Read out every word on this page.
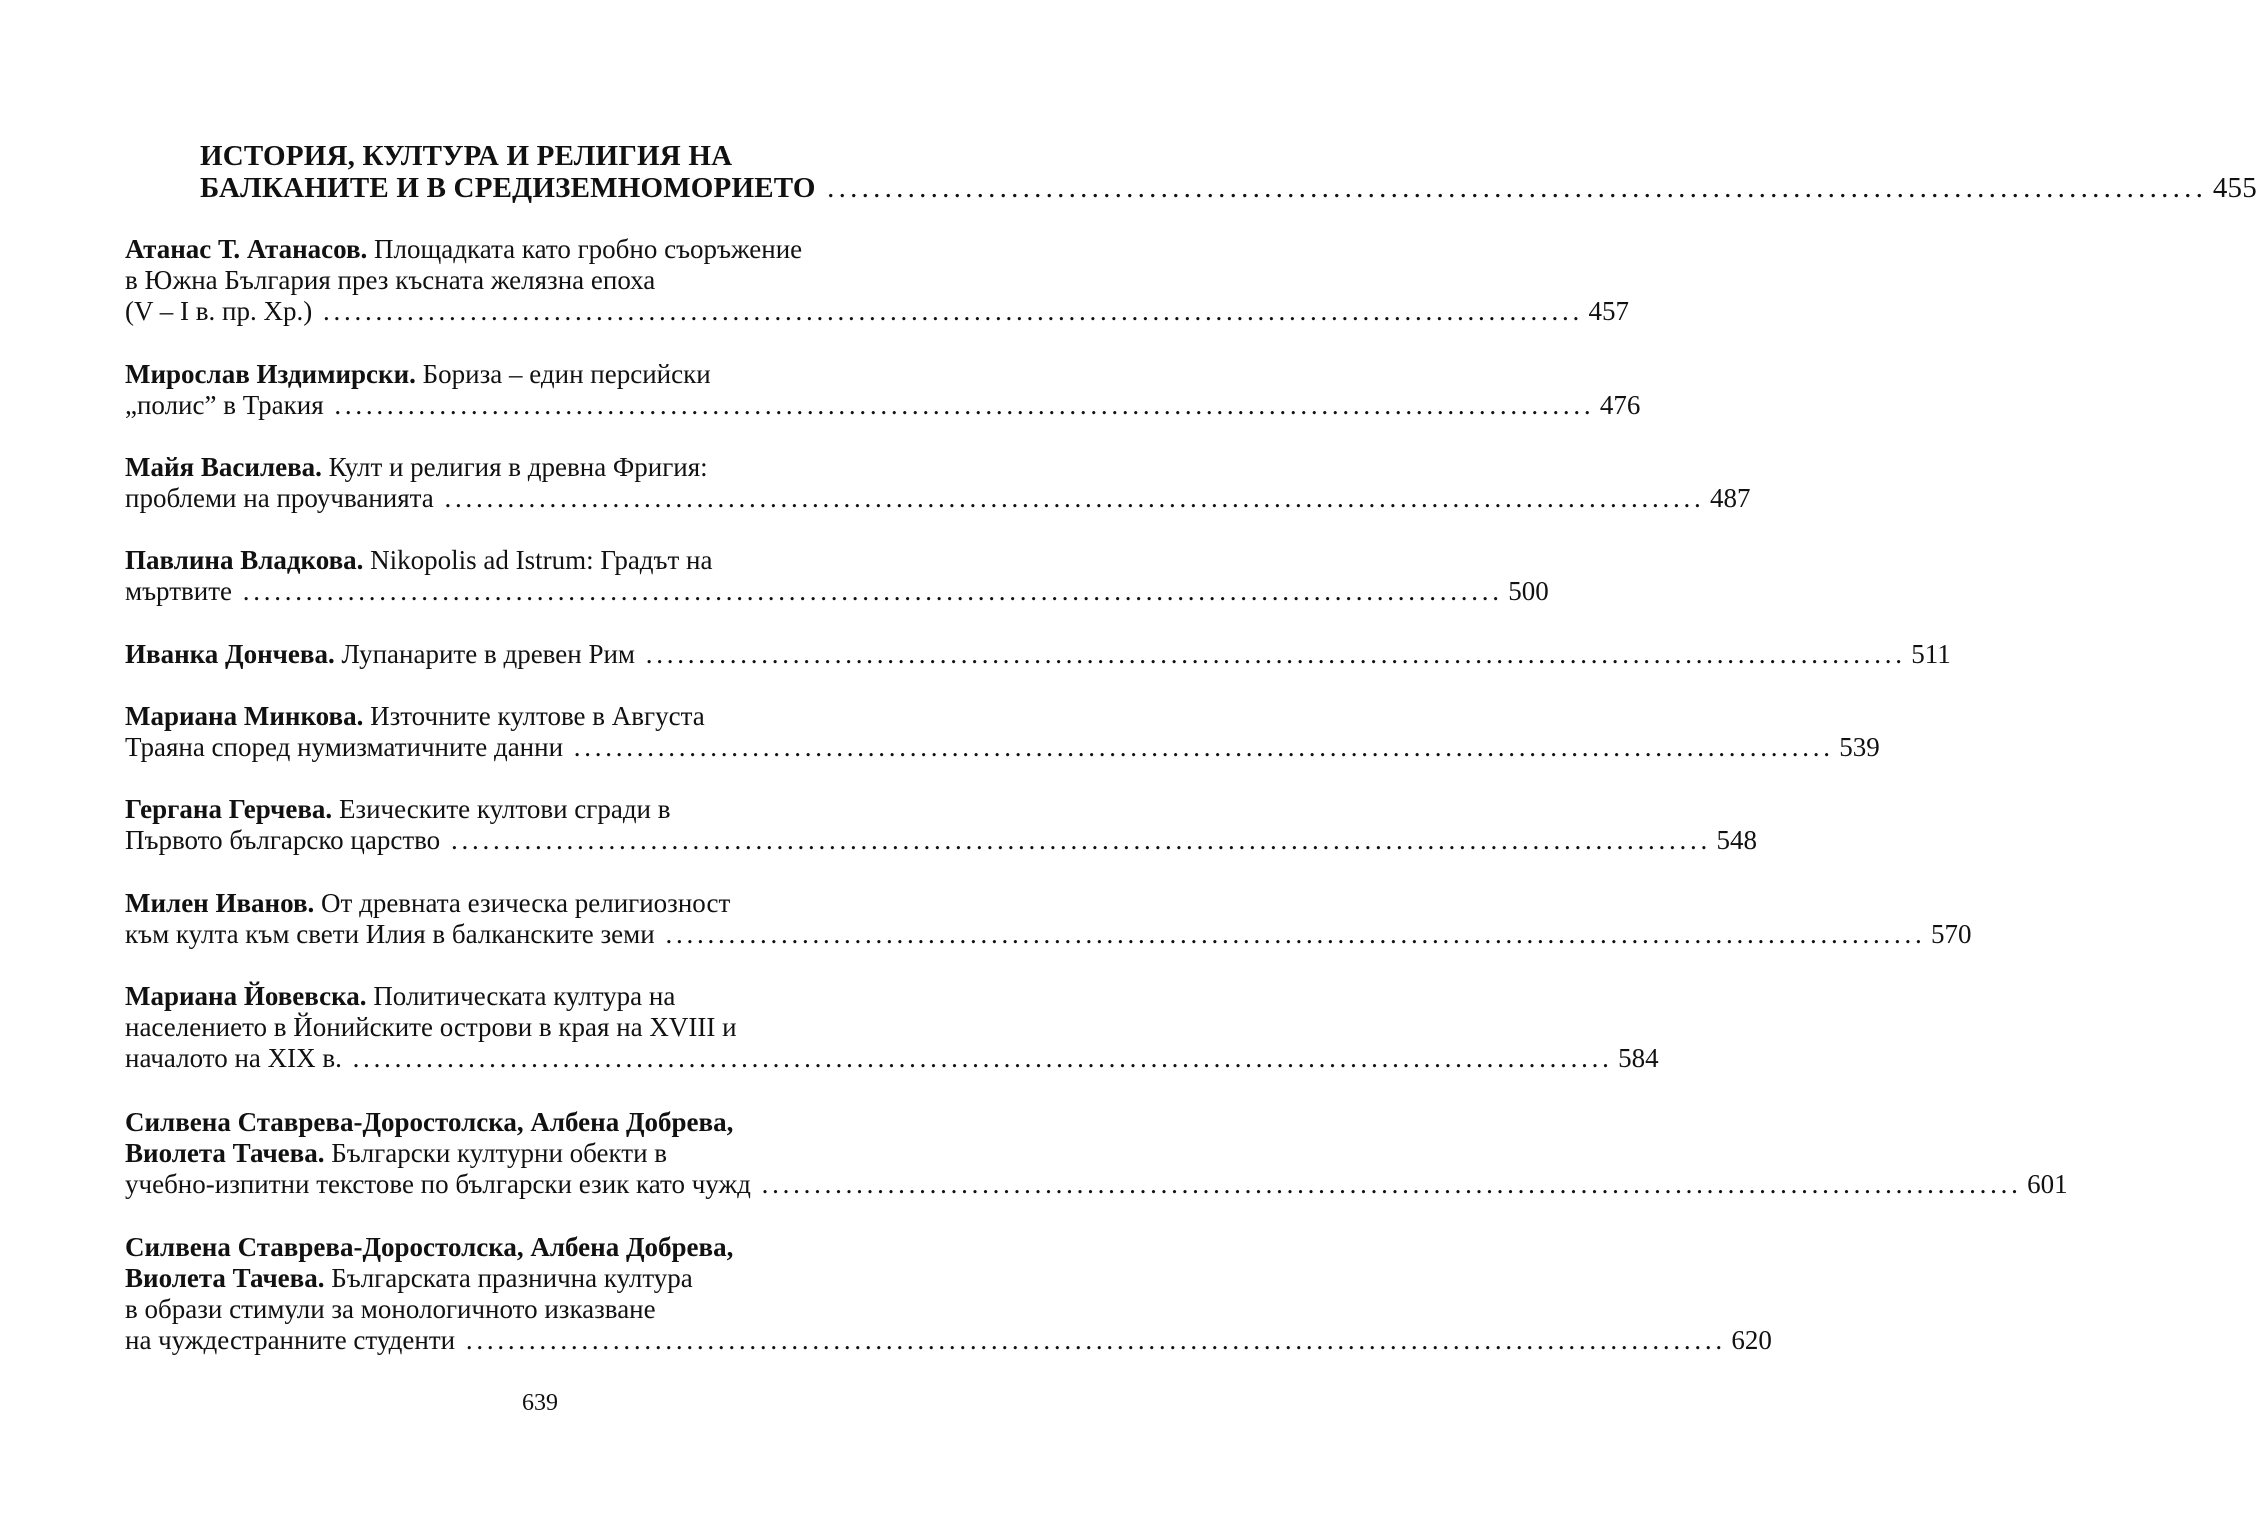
ИСТОРИЯ, КУЛТУРА И РЕЛИГИЯ НА
БАЛКАНИТЕ И В СРЕДИЗЕМНОМОРИЕТО . . .	455
Атанас Т. Атанасов. Площадката като гробно съоръжение
в Южна България през късната желязна епоха
(V – I в. пр. Хр.) . . .	457
Мирослав Издимирски. Бориза – един персийски
„полис” в Тракия . . .	476
Майя Василева. Култ и религия в древна Фригия:
проблеми на проучванията . . .	487
Павлина Владкова. Nikopolis ad Istrum: Градът на
мъртвите . . .	500
Иванка Дончева. Лупанарите в древен Рим . . .	511
Мариана Минкова. Източните култове в Августа
Траяна според нумизматичните данни . . .	539
Гергана Герчева. Езическите култови сгради в
Първото българско царство . . .	548
Милен Иванов. От древната езическа религиозност
към култа към свети Илия в балканските земи . . .	570
Мариана Йовевска. Политическата култура на
населението в Йонийските острови в края на XVIII и
началото на XIX в. . . .	584
Силвена Ставрева-Доростолска, Албена Добрева,
Виолета Тачева. Български културни обекти в
учебно-изпитни текстове по български език като чужд . . .	601
Силвена Ставрева-Доростолска, Албена Добрева,
Виолета Тачева. Българската празнична култура
в образи стимули за монологичното изказване
на чуждестранните студенти . . .	620
639
